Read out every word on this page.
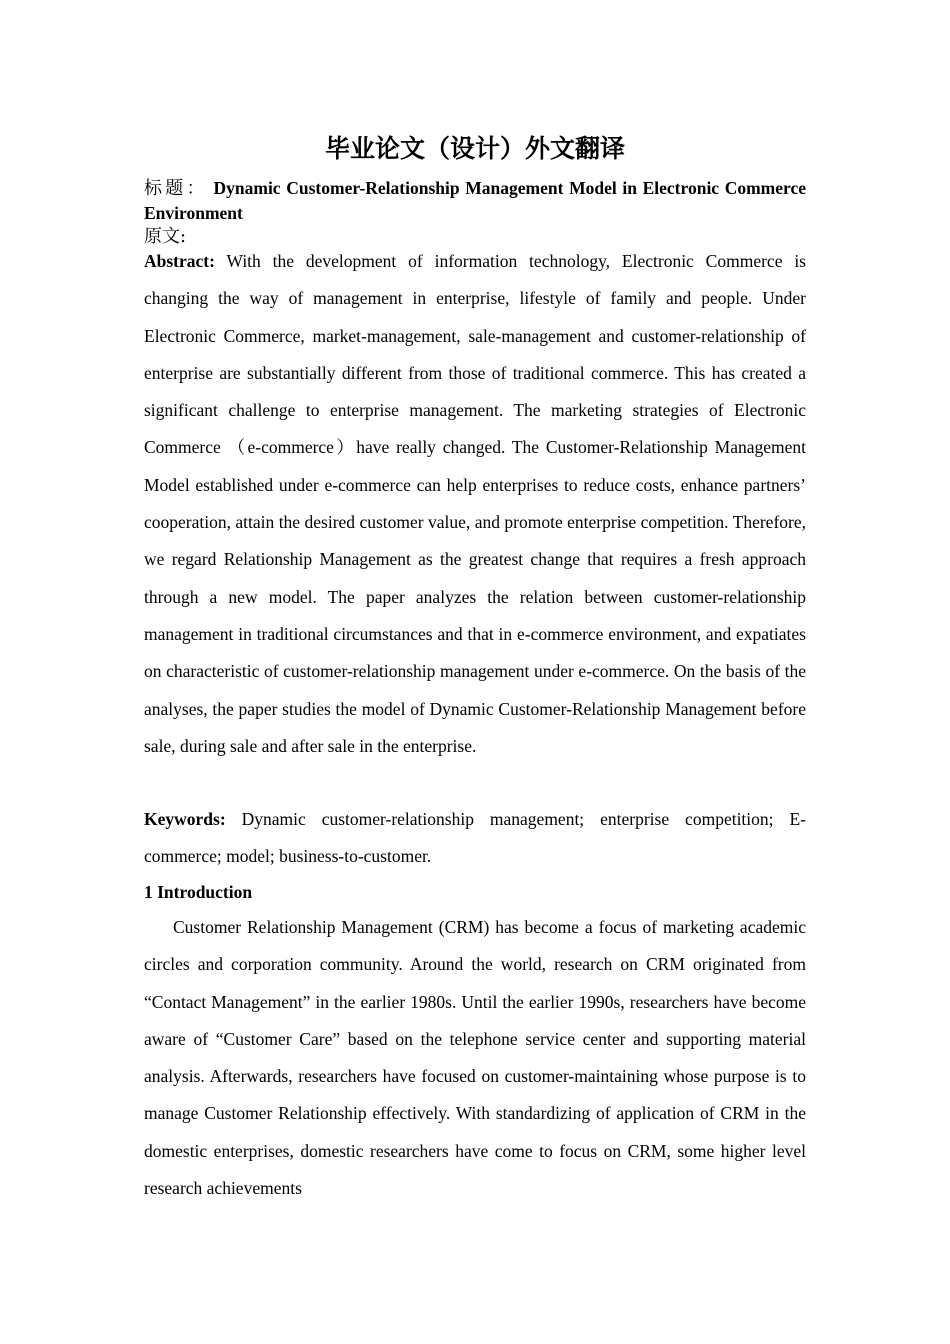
毕业论文（设计）外文翻译

标题： Dynamic Customer-Relationship Management Model in Electronic Commerce Environment

原文:

Abstract: With the development of information technology, Electronic Commerce is changing the way of management in enterprise, lifestyle of family and people. Under Electronic Commerce, market-management, sale-management and customer-relationship of enterprise are substantially different from those of traditional commerce. This has created a significant challenge to enterprise management. The marketing strategies of Electronic Commerce （e-commerce）have really changed. The Customer-Relationship Management Model established under e-commerce can help enterprises to reduce costs, enhance partners’ cooperation, attain the desired customer value, and promote enterprise competition. Therefore, we regard Relationship Management as the greatest change that requires a fresh approach through a new model. The paper analyzes the relation between customer-relationship management in traditional circumstances and that in e-commerce environment, and expatiates on characteristic of customer-relationship management under e-commerce. On the basis of the analyses, the paper studies the model of Dynamic Customer-Relationship Management before sale, during sale and after sale in the enterprise.

Keywords: Dynamic customer-relationship management; enterprise competition; E-commerce; model; business-to-customer.

1 Introduction

Customer Relationship Management (CRM) has become a focus of marketing academic circles and corporation community. Around the world, research on CRM originated from “Contact Management” in the earlier 1980s. Until the earlier 1990s, researchers have become aware of “Customer Care” based on the telephone service center and supporting material analysis. Afterwards, researchers have focused on customer-maintaining whose purpose is to manage Customer Relationship effectively. With standardizing of application of CRM in the domestic enterprises, domestic researchers have come to focus on CRM, some higher level research achievements
